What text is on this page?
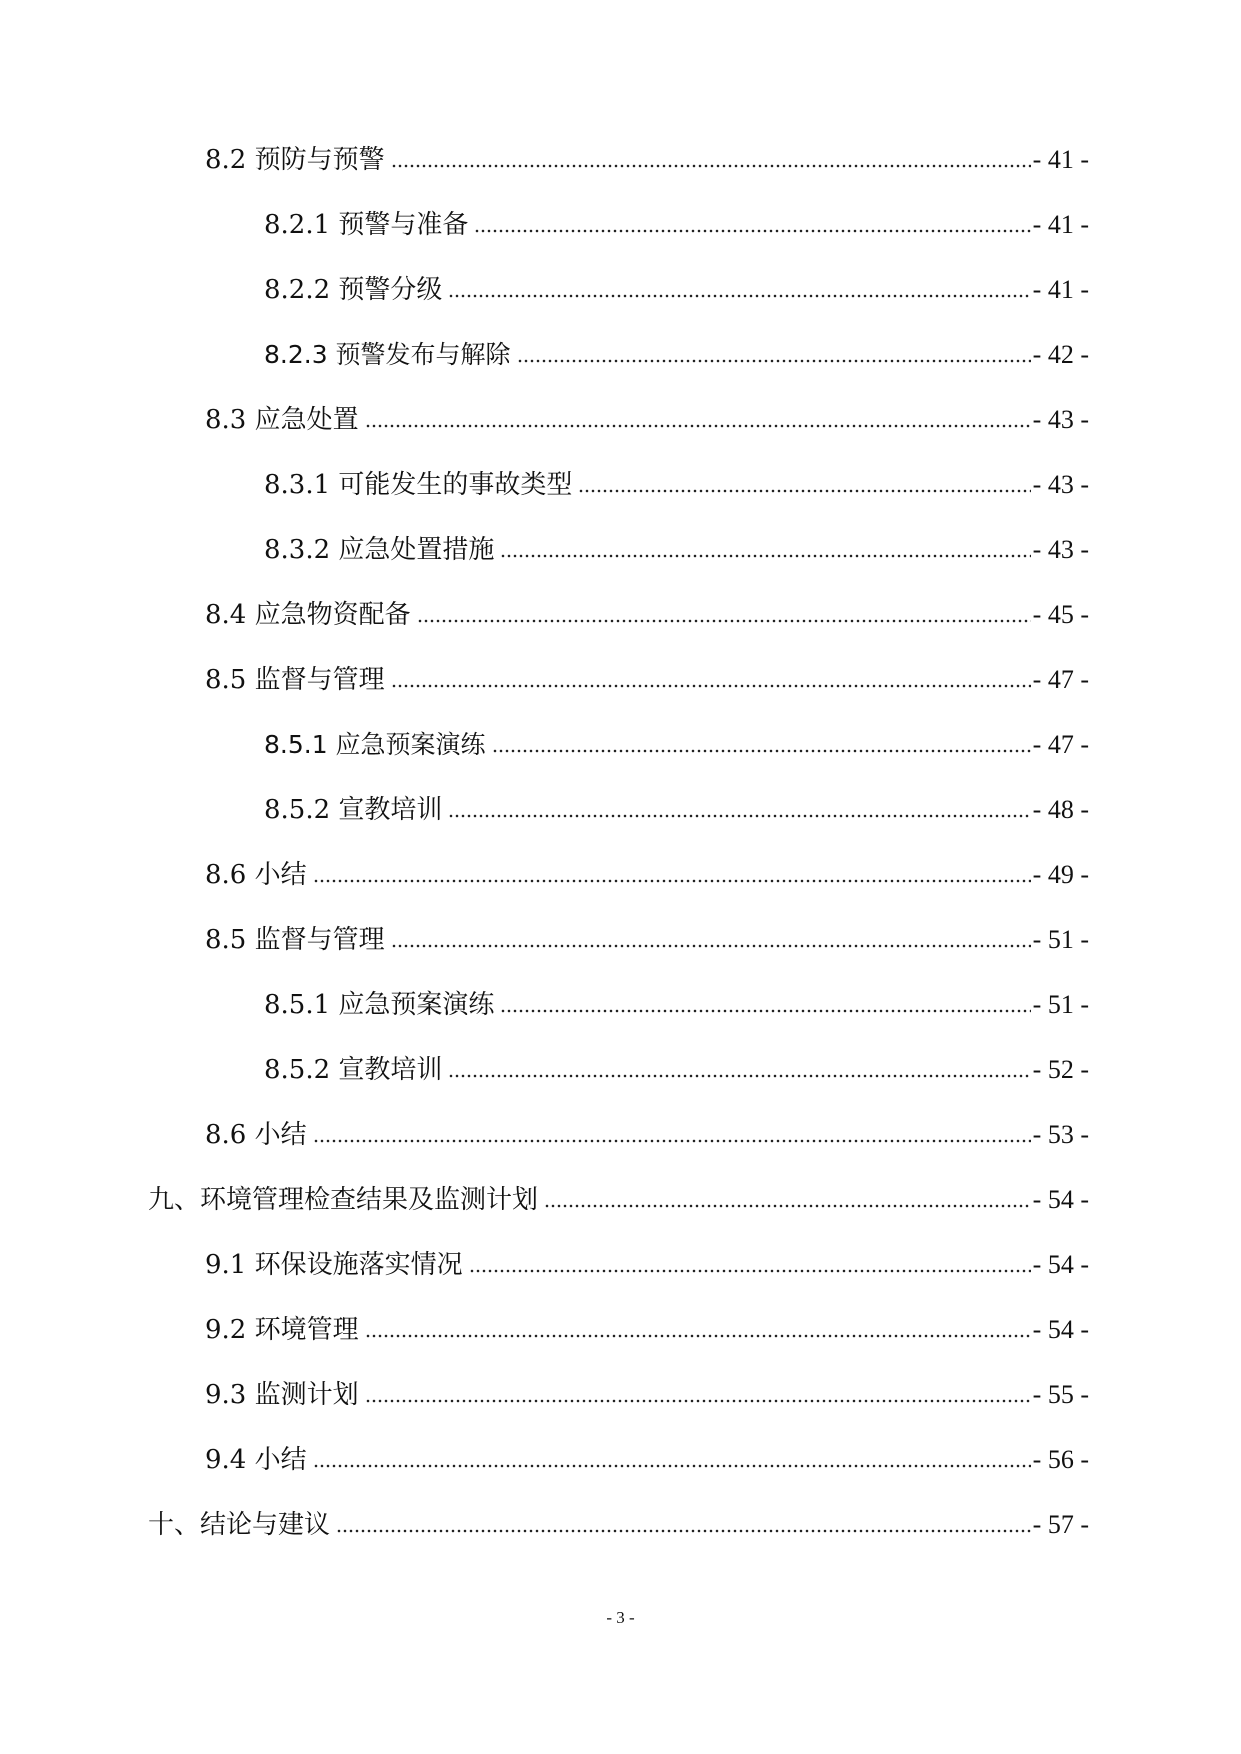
8.2 预防与预警	- 41 -
8.2.1 预警与准备	- 41 -
8.2.2 预警分级	- 41 -
8.2.3 预警发布与解除	- 42 -
8.3 应急处置	- 43 -
8.3.1 可能发生的事故类型	- 43 -
8.3.2 应急处置措施	- 43 -
8.4 应急物资配备	- 45 -
8.5 监督与管理	- 47 -
8.5.1 应急预案演练	- 47 -
8.5.2 宣教培训	- 48 -
8.6 小结	- 49 -
8.5 监督与管理	- 51 -
8.5.1 应急预案演练	- 51 -
8.5.2 宣教培训	- 52 -
8.6 小结	- 53 -
九、环境管理检查结果及监测计划	- 54 -
9.1 环保设施落实情况	- 54 -
9.2 环境管理	- 54 -
9.3 监测计划	- 55 -
9.4 小结	- 56 -
十、结论与建议	- 57 -
- 3 -
